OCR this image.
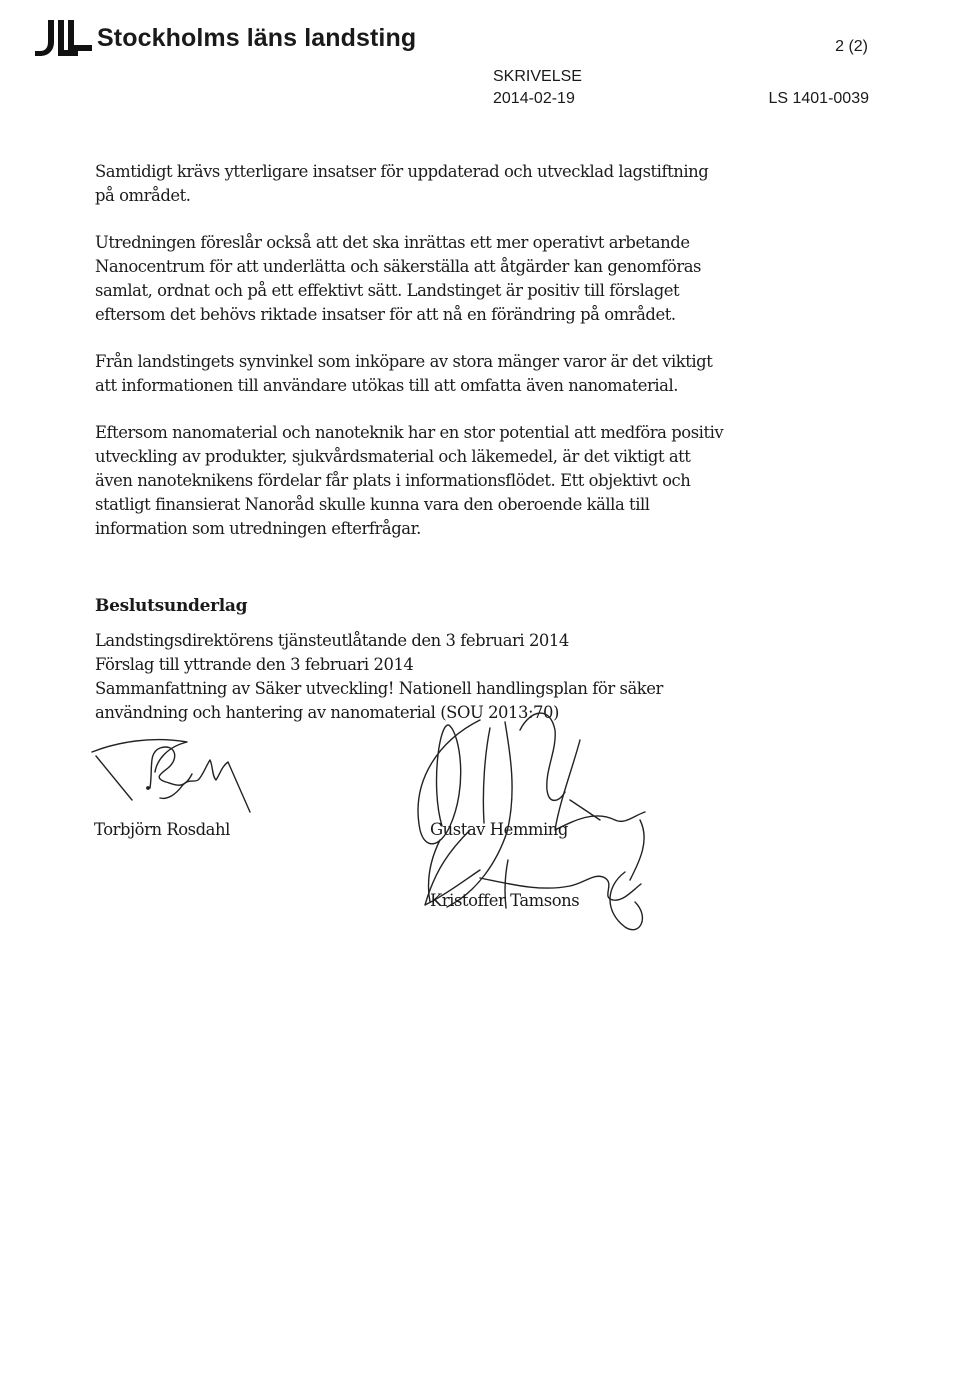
Stockholms läns landsting	2 (2)
SKRIVELSE
2014-02-19	LS 1401-0039

Samtidigt krävs ytterligare insatser för uppdaterad och utvecklad lagstiftning på området.

Utredningen föreslår också att det ska inrättas ett mer operativt arbetande Nanocentrum för att underlätta och säkerställa att åtgärder kan genomföras samlat, ordnat och på ett effektivt sätt. Landstinget är positiv till förslaget eftersom det behövs riktade insatser för att nå en förändring på området.

Från landstingets synvinkel som inköpare av stora mänger varor är det viktigt att informationen till användare utökas till att omfatta även nanomaterial.

Eftersom nanomaterial och nanoteknik har en stor potential att medföra positiv utveckling av produkter, sjukvårdsmaterial och läkemedel, är det viktigt att även nanoteknikens fördelar får plats i informationsflödet. Ett objektivt och statligt finansierat Nanoråd skulle kunna vara den oberoende källa till information som utredningen efterfrågar.

Beslutsunderlag
Landstingsdirektörens tjänsteutlåtande den 3 februari 2014
Förslag till yttrande den 3 februari 2014
Sammanfattning av Säker utveckling! Nationell handlingsplan för säker användning och hantering av nanomaterial (SOU 2013:70)
Torbjörn Rosdahl	Gustav Hemming
Kristoffer Tamsons
